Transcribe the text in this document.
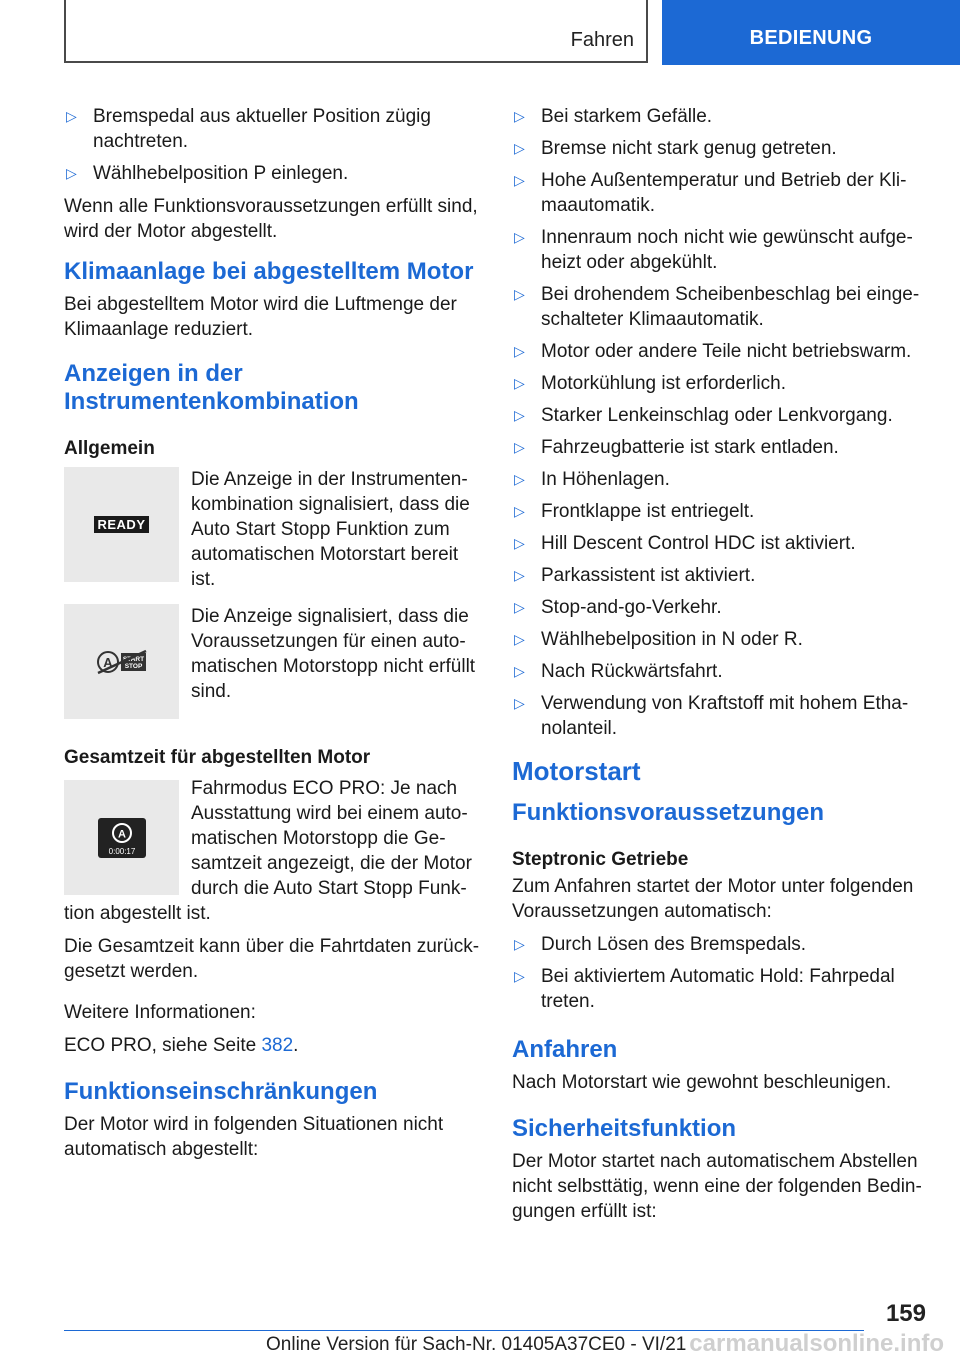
Fahren	BEDIENUNG
▷ Bremspedal aus aktueller Position zügig nachtreten.
▷ Wählhebelposition P einlegen.

Wenn alle Funktionsvoraussetzungen erfüllt sind, wird der Motor abgestellt.

Klimaanlage bei abgestelltem Motor

Bei abgestelltem Motor wird die Luftmenge der Klimaanlage reduziert.

Anzeigen in der Instrumentenkombination
Allgemein
READY
Die Anzeige in der Instrumentenkombination signalisiert, dass die Auto Start Stopp Funktion zum automatischen Motorstart bereit ist.
A START
STOP
Die Anzeige signalisiert, dass die Voraussetzungen für einen automatischen Motorstopp nicht erfüllt sind.
Gesamtzeit für abgestellten Motor
A
0:00:17

Fahrmodus ECO PRO: Je nach Ausstattung wird bei einem automatischen Motorstopp die Gesamtzeit angezeigt, die der Motor durch die Auto Start Stopp Funktion abgestellt ist.

Die Gesamtzeit kann über die Fahrtdaten zurückgesetzt werden.

Weitere Informationen:

ECO PRO, siehe Seite 382.

Funktionseinschränkungen

Der Motor wird in folgenden Situationen nicht automatisch abgestellt:

▷ Bei starkem Gefälle.
▷ Bremse nicht stark genug getreten.
▷ Hohe Außentemperatur und Betrieb der Klimaautomatik.
▷ Innenraum noch nicht wie gewünscht aufgeheizt oder abgekühlt.
▷ Bei drohendem Scheibenbeschlag bei eingeschalteter Klimaautomatik.
▷ Motor oder andere Teile nicht betriebswarm.
▷ Motorkühlung ist erforderlich.
▷ Starker Lenkeinschlag oder Lenkvorgang.
▷ Fahrzeugbatterie ist stark entladen.
▷ In Höhenlagen.
▷ Frontklappe ist entriegelt.
▷ Hill Descent Control HDC ist aktiviert.
▷ Parkassistent ist aktiviert.
▷ Stop-and-go-Verkehr.
▷ Wählhebelposition in N oder R.
▷ Nach Rückwärtsfahrt.
▷ Verwendung von Kraftstoff mit hohem Ethanolanteil.
Motorstart
Funktionsvoraussetzungen
Steptronic Getriebe

Zum Anfahren startet der Motor unter folgenden Voraussetzungen automatisch:

▷ Durch Lösen des Bremspedals.
▷ Bei aktiviertem Automatic Hold: Fahrpedal treten.
Anfahren

Nach Motorstart wie gewohnt beschleunigen.

Sicherheitsfunktion

Der Motor startet nach automatischem Abstellen nicht selbsttätig, wenn eine der folgenden Bedingungen erfüllt ist:

159
Online Version für Sach-Nr. 01405A37CE0 - VI/21 carmanualsonline.info
